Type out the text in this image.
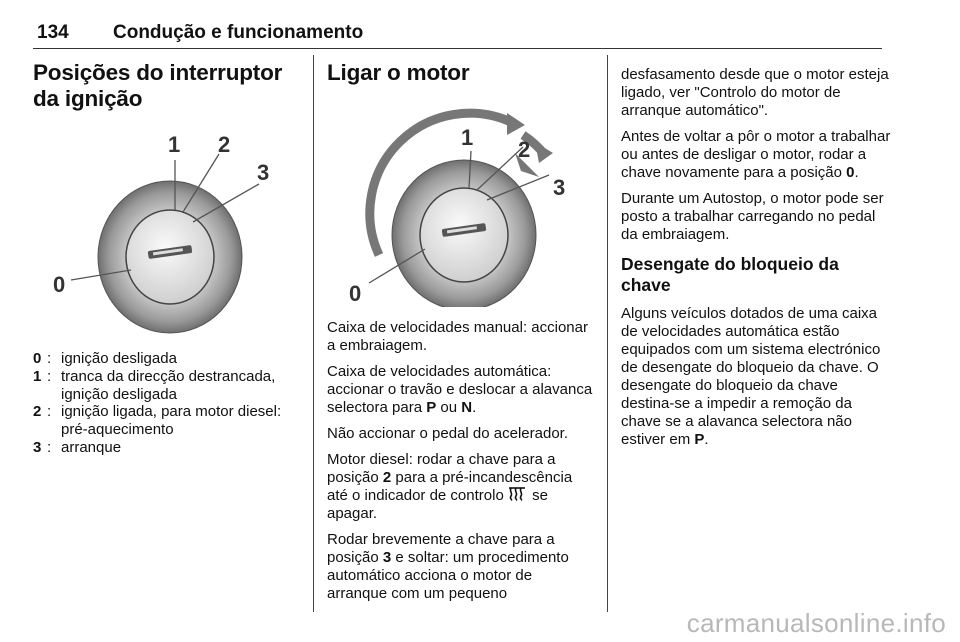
134 Condução e funcionamento
Posições do interruptor da ignição
1 2
3
0
0 : ignição desligada
1 : tranca da direcção destrancada, ignição desligada
2 : ignição ligada, para motor diesel: pré-aquecimento
3 : arranque
Ligar o motor
1 2
3
0

Caixa de velocidades manual: accionar a embraiagem.

Caixa de velocidades automática: accionar o travão e deslocar a alavanca selectora para P ou N.

Não accionar o pedal do acelerador.

Motor diesel: rodar a chave para a posição 2 para a pré-incandescência até o indicador de controlo  se apagar.

Rodar brevemente a chave para a posição 3 e soltar: um procedimento automático acciona o motor de arranque com um pequeno

desfasamento desde que o motor esteja ligado, ver "Controlo do motor de arranque automático".

Antes de voltar a pôr o motor a trabalhar ou antes de desligar o motor, rodar a chave novamente para a posição 0.

Durante um Autostop, o motor pode ser posto a trabalhar carregando no pedal da embraiagem.

Desengate do bloqueio da chave

Alguns veículos dotados de uma caixa de velocidades automática estão equipados com um sistema electrónico de desengate do bloqueio da chave. O desengate do bloqueio da chave destina-se a impedir a remoção da chave se a alavanca selectora não estiver em P.

carmanualsonline.info
